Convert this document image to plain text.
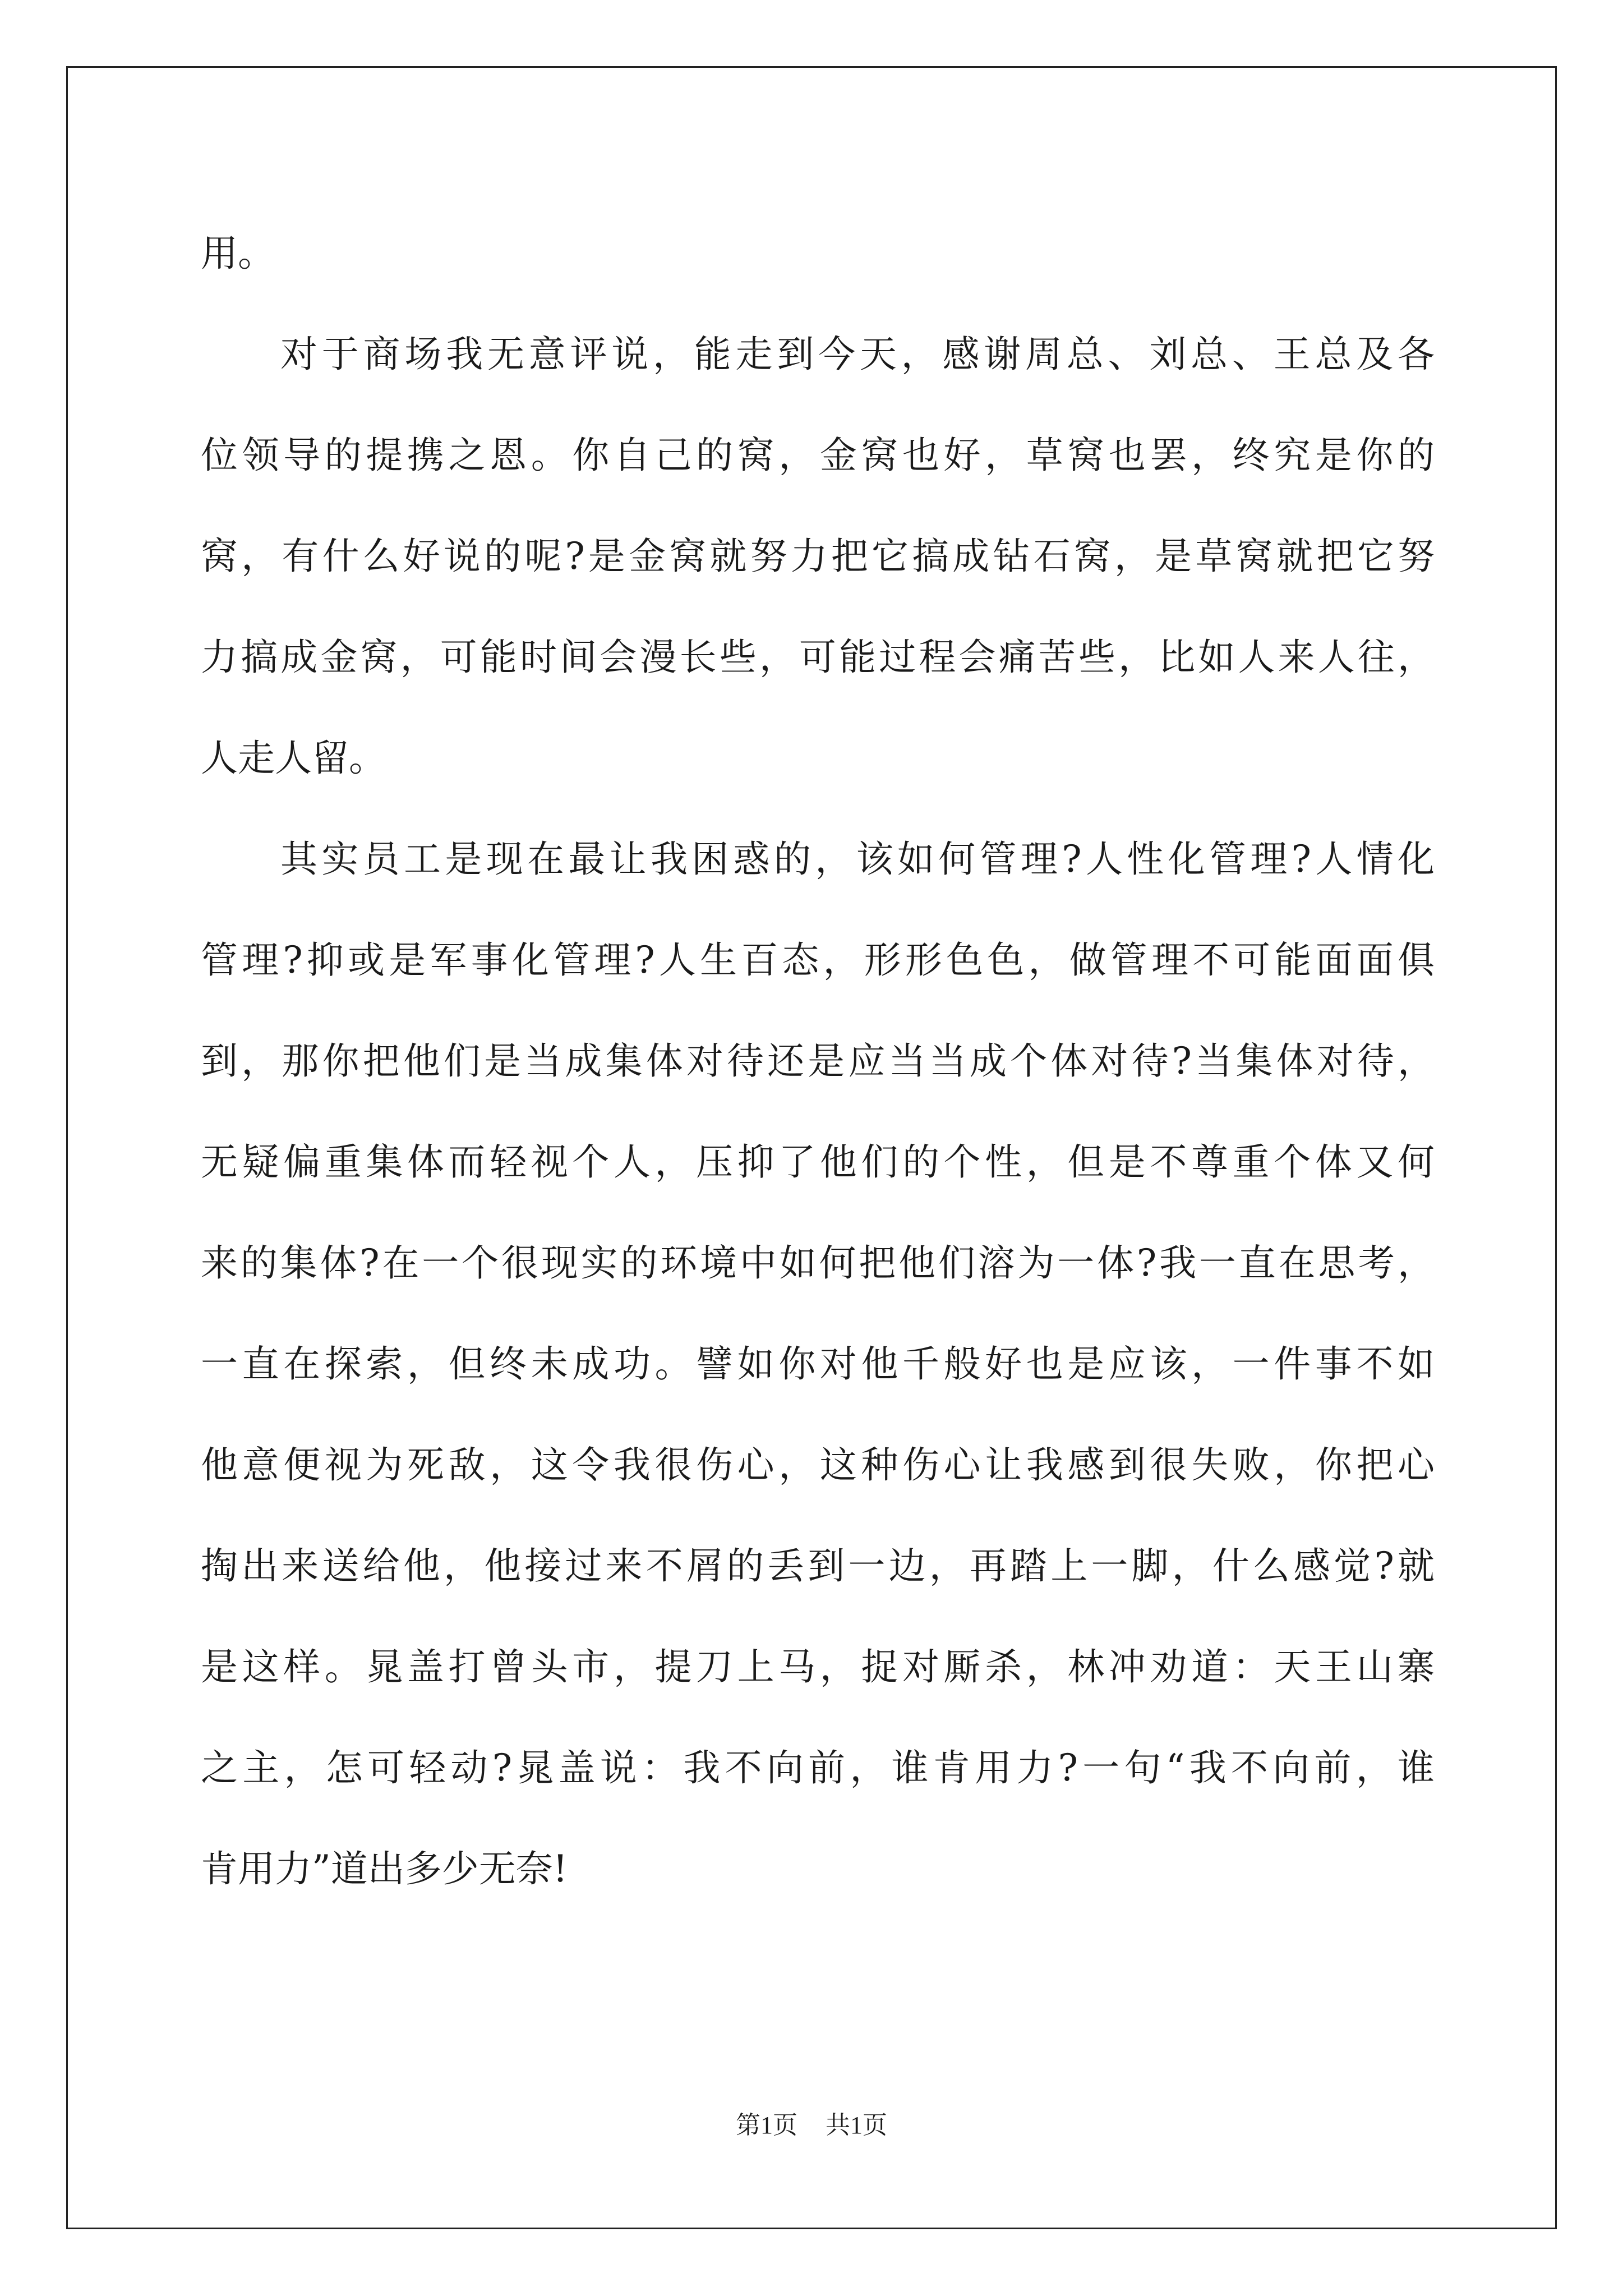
用。
对于商场我无意评说，能走到今天，感谢周总、刘总、王总及各
位领导的提携之恩。你自己的窝，金窝也好，草窝也罢，终究是你的
窝，有什么好说的呢?是金窝就努力把它搞成钻石窝，是草窝就把它努
力搞成金窝，可能时间会漫长些，可能过程会痛苦些，比如人来人往，
人走人留。
其实员工是现在最让我困惑的，该如何管理?人性化管理?人情化
管理?抑或是军事化管理?人生百态，形形色色，做管理不可能面面俱
到，那你把他们是当成集体对待还是应当当成个体对待?当集体对待，
无疑偏重集体而轻视个人，压抑了他们的个性，但是不尊重个体又何
来的集体?在一个很现实的环境中如何把他们溶为一体?我一直在思考，
一直在探索，但终未成功。譬如你对他千般好也是应该，一件事不如
他意便视为死敌，这令我很伤心，这种伤心让我感到很失败，你把心
掏出来送给他，他接过来不屑的丢到一边，再踏上一脚，什么感觉?就
是这样。晁盖打曾头市，提刀上马，捉对厮杀，林冲劝道：天王山寨
之主，怎可轻动?晁盖说：我不向前，谁肯用力?一句“我不向前，谁
肯用力”道出多少无奈!
第1页 共1页
